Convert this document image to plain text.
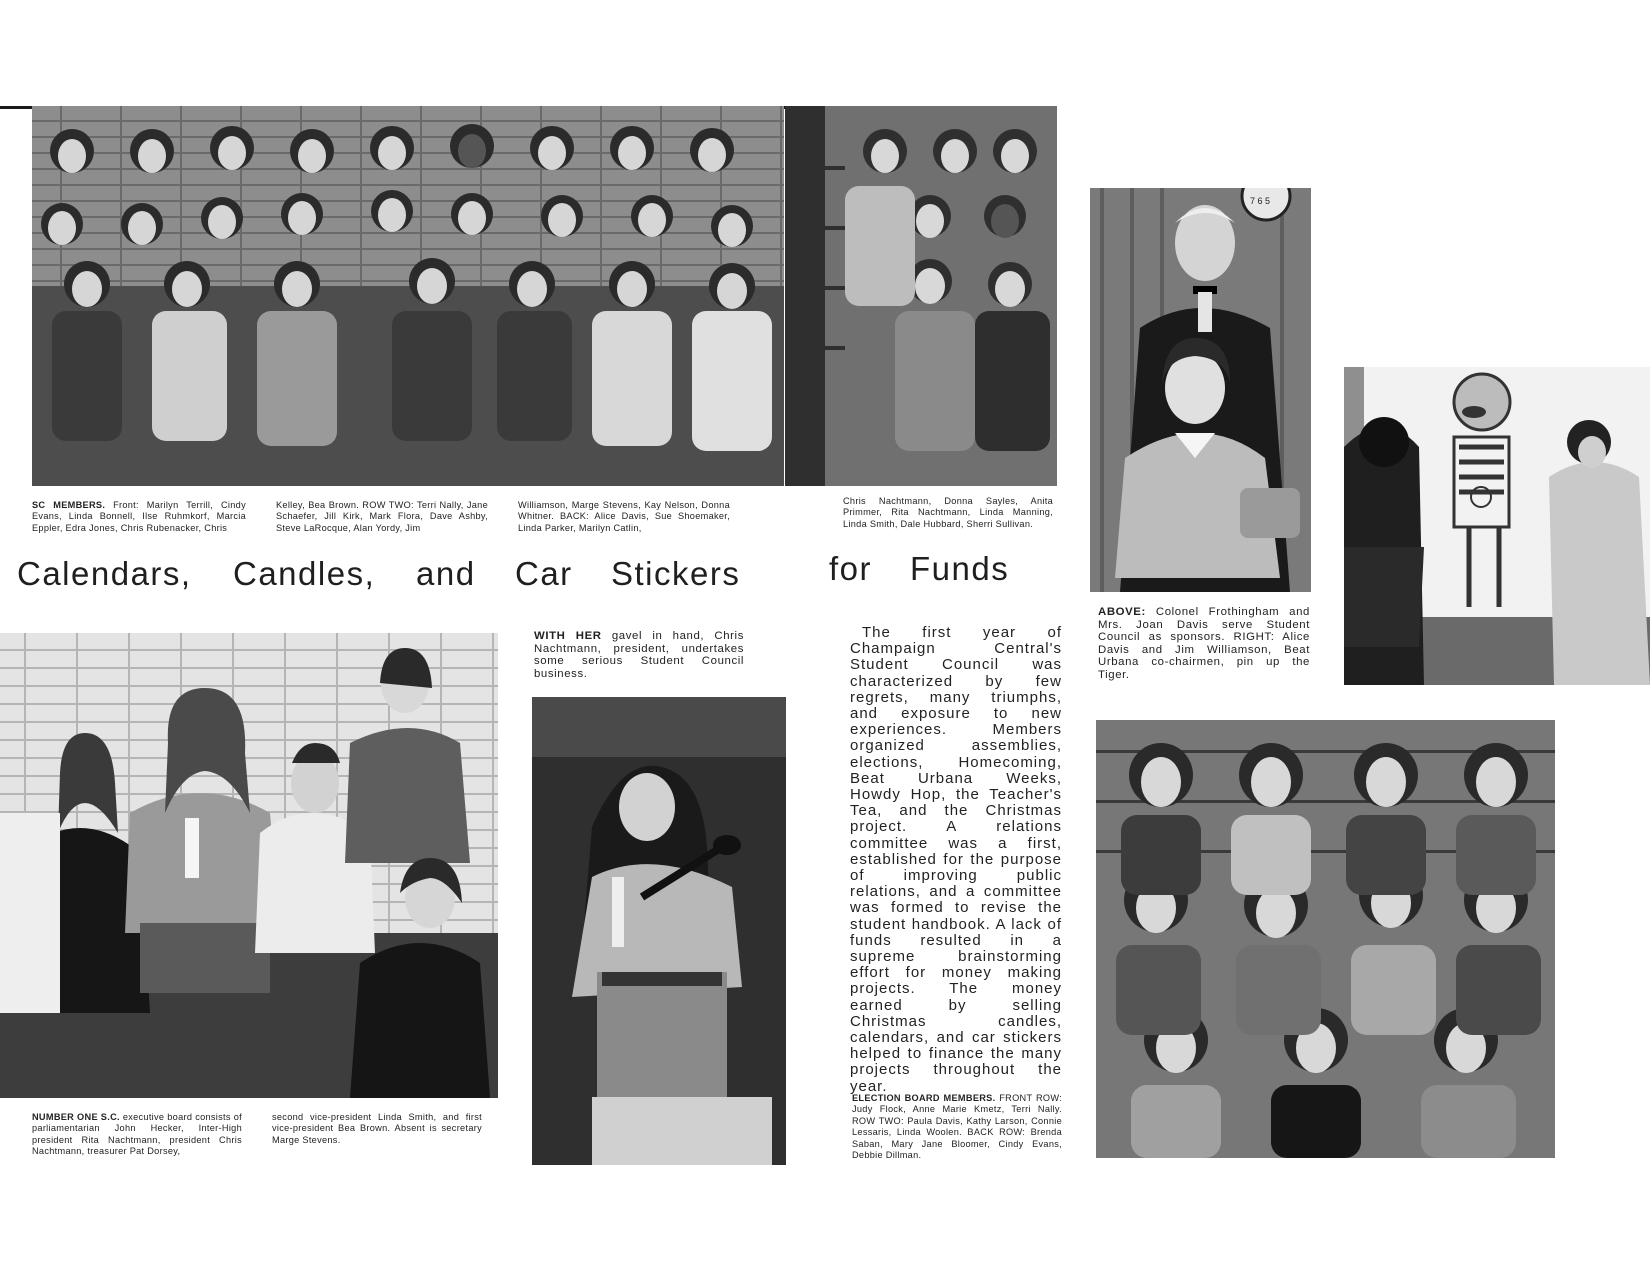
SC MEMBERS. Front: Marilyn Terrill, Cindy Evans, Linda Bonnell, Ilse Ruhmkorf, Marcia Eppler, Edra Jones, Chris Rubenacker, Chris
Kelley, Bea Brown. ROW TWO: Terri Nally, Jane Schaefer, Jill Kirk, Mark Flora, Dave Ashby, Steve LaRocque, Alan Yordy, Jim
Williamson, Marge Stevens, Kay Nelson, Donna Whitner. BACK: Alice Davis, Sue Shoemaker, Linda Parker, Marilyn Catlin,
Chris Nachtmann, Donna Sayles, Anita Primmer, Rita Nachtmann, Linda Manning, Linda Smith, Dale Hubbard, Sherri Sullivan.
Calendars, Candles, and Car Stickers	for Funds
7 6 5
ABOVE: Colonel Frothingham and Mrs. Joan Davis serve Student Council as sponsors. RIGHT: Alice Davis and Jim Williamson, Beat Urbana co-chairmen, pin up the Tiger.
NUMBER ONE S.C. executive board consists of parliamentarian John Hecker, Inter-High president Rita Nachtmann, president Chris Nachtmann, treasurer Pat Dorsey,
second vice-president Linda Smith, and first vice-president Bea Brown. Absent is secretary Marge Stevens.
WITH HER gavel in hand, Chris Nachtmann, president, undertakes some serious Student Council business.
The first year of Champaign Central's Student Council was characterized by few regrets, many triumphs, and exposure to new experiences. Members organized assemblies, elections, Homecoming, Beat Urbana Weeks, Howdy Hop, the Teacher's Tea, and the Christmas project. A relations committee was a first, established for the purpose of improving public relations, and a committee was formed to revise the student handbook. A lack of funds resulted in a supreme brainstorming effort for money making projects. The money earned by selling Christmas candles, calendars, and car stickers helped to finance the many projects throughout the year.
ELECTION BOARD MEMBERS. FRONT ROW: Judy Flock, Anne Marie Kmetz, Terri Nally. ROW TWO: Paula Davis, Kathy Larson, Connie Lessaris, Linda Woolen. BACK ROW: Brenda Saban, Mary Jane Bloomer, Cindy Evans, Debbie Dillman.
